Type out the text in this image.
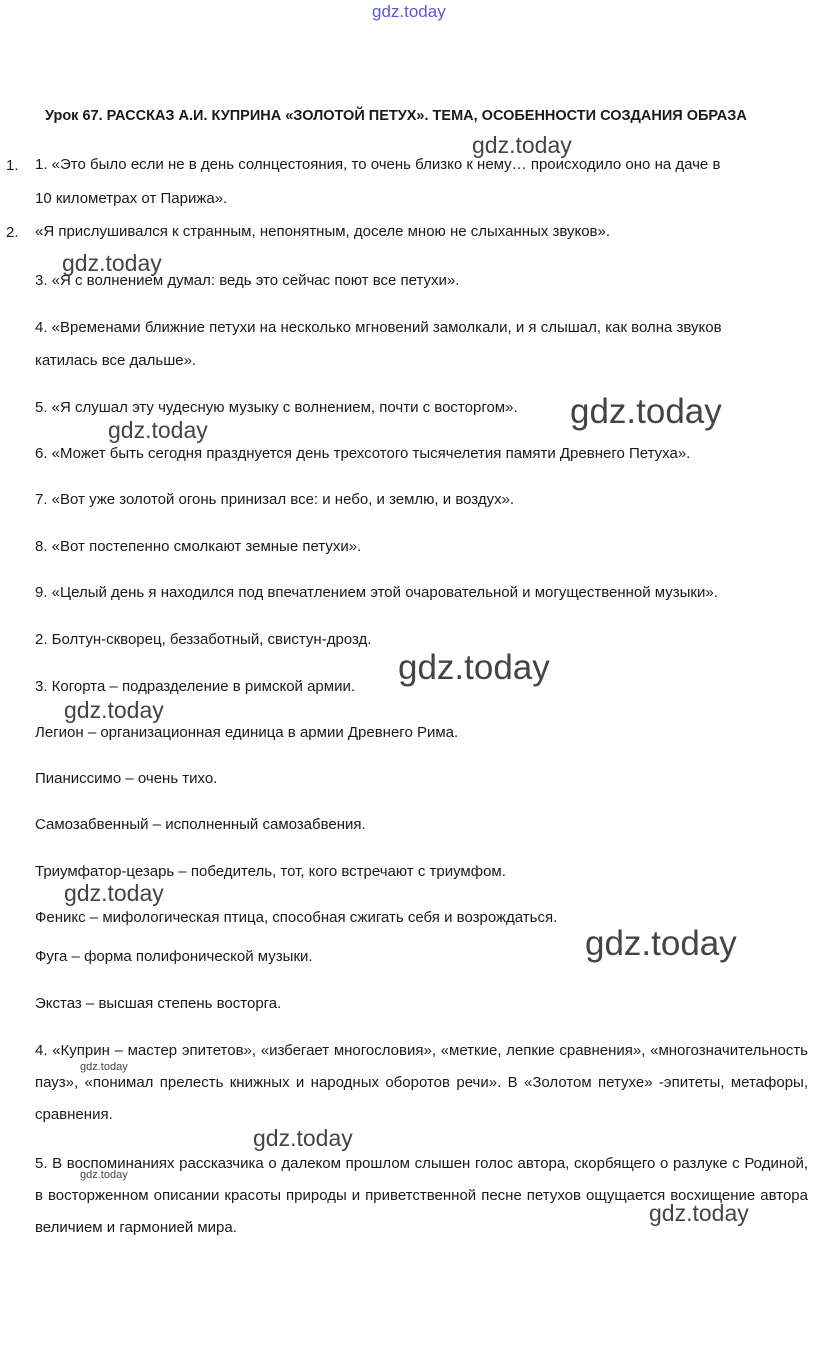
gdz.today
Урок 67. РАССКАЗ А.И. КУПРИНА «ЗОЛОТОЙ ПЕТУХ». ТЕМА, ОСОБЕННОСТИ СОЗДАНИЯ ОБРАЗА
1.
2.
1. «Это было если не в день солнцестояния, то очень близко к нему… происходило оно на даче в
10 километрах от Парижа».
«Я прислушивался к странным, непонятным, доселе мною не слыханных звуков».
3. «Я с волнением думал: ведь это сейчас поют все петухи».
4. «Временами ближние петухи на несколько мгновений замолкали, и я слышал, как волна звуков
катилась все дальше».
5. «Я слушал эту чудесную музыку с волнением, почти с восторгом».
6. «Может быть сегодня празднуется день трехсотого тысячелетия памяти Древнего Петуха».
7. «Вот уже золотой огонь принизал все: и небо, и землю, и воздух».
8. «Вот постепенно смолкают земные петухи».
9. «Целый день я находился под впечатлением этой очаровательной и могущественной музыки».
2. Болтун-скворец, беззаботный, свистун-дрозд.
3. Когорта – подразделение в римской армии.
Легион – организационная единица в армии Древнего Рима.
Пианиссимо – очень тихо.
Самозабвенный – исполненный самозабвения.
Триумфатор-цезарь – победитель, тот, кого встречают с триумфом.
Феникс – мифологическая птица, способная сжигать себя и возрождаться.
Фуга – форма полифонической музыки.
Экстаз – высшая степень восторга.
4. «Куприн – мастер эпитетов», «избегает многословия», «меткие, лепкие сравнения», «многозначительность пауз», «понимал прелесть книжных и народных оборотов речи». В «Золотом петухе» -эпитеты, метафоры, сравнения.
5. В воспоминаниях рассказчика о далеком прошлом слышен голос автора, скорбящего о разлуке с Родиной, в восторженном описании красоты природы и приветственной песне петухов ощущается восхищение автора величием и гармонией мира.
gdz.today
gdz.today
gdz.today
gdz.today
gdz.today
gdz.today
gdz.today
gdz.today
gdz.today
gdz.today
gdz.today
gdz.today
